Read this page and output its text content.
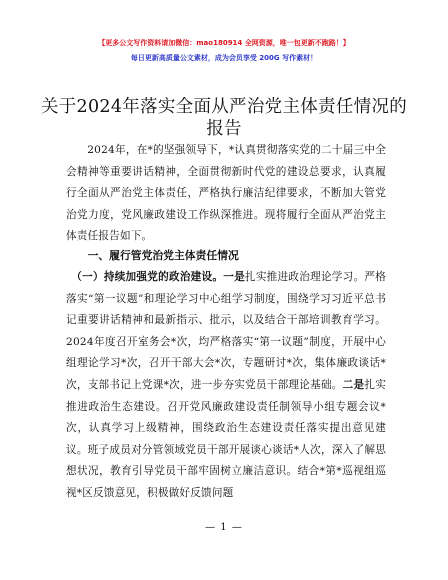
【更多公文写作资料请加微信：mao180914 全网资源，唯一包更新不跑路！】
每日更新高质量公文素材，成为会员享受 200G 写作素材！
关于2024年落实全面从严治党主体责任情况的报告
2024年，在*的坚强领导下，*认真贯彻落实党的二十届三中全会精神等重要讲话精神，全面贯彻新时代党的建设总要求，认真履行全面从严治党主体责任，严格执行廉洁纪律要求，不断加大管党治党力度，党风廉政建设工作纵深推进。现将履行全面从严治党主体责任报告如下。
一、履行管党治党主体责任情况
（一）持续加强党的政治建设。一是扎实推进政治理论学习。严格落实“第一议题”和理论学习中心组学习制度，围绕学习习近平总书记重要讲话精神和最新指示、批示，以及结合干部培训教育学习。2024年度召开室务会*次，均严格落实“第一议题”制度，开展中心组理论学习*次，召开干部大会*次，专题研讨*次，集体廉政谈话*次，支部书记上党课*次，进一步夯实党员干部理论基础。二是扎实推进政治生态建设。召开党风廉政建设责任制领导小组专题会议*次，认真学习上级精神，围绕政治生态建设责任落实提出意见建议。班子成员对分管领域党员干部开展谈心谈话*人次，深入了解思想状况，教育引导党员干部牢固树立廉洁意识。结合*第*巡视组巡视*区反馈意见，积极做好反馈问题
— 1 —
